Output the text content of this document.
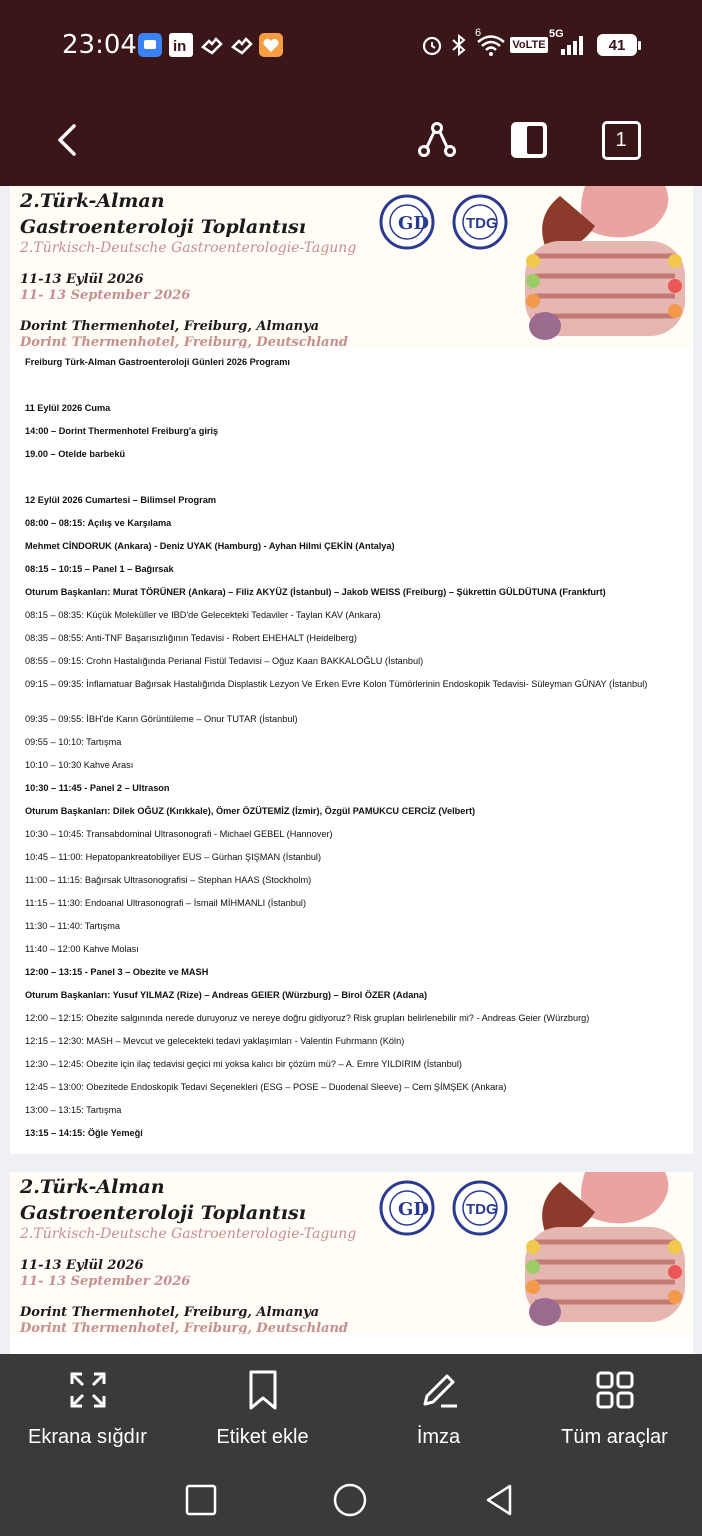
23:04 in
6
VoLTE
5G
41
1
2.Türk-Alman
Gastroenteroloji Toplantısı
2.Türkisch-Deutsche Gastroenterologie-Tagung
11-13 Eylül 2026
11- 13 September 2026
Dorint Thermenhotel, Freiburg, Almanya
Dorint Thermenhotel, Freiburg, Deutschland
GD TDG
Freiburg Türk-Alman Gastroenteroloji Günleri 2026 Programı
11 Eylül 2026 Cuma
14:00 – Dorint Thermenhotel Freiburg'a giriş
19.00 – Otelde barbekü
12 Eylül 2026 Cumartesi – Bilimsel Program
08:00 – 08:15: Açılış ve Karşılama
Mehmet CİNDORUK (Ankara) - Deniz UYAK (Hamburg) - Ayhan Hilmi ÇEKİN (Antalya)
08:15 – 10:15 – Panel 1 – Bağırsak
Oturum Başkanları: Murat TÖRÜNER (Ankara) – Filiz AKYÜZ (İstanbul) – Jakob WEISS (Freiburg) – Şükrettin GÜLDÜTUNA (Frankfurt)
08:15 – 08:35: Küçük Moleküller ve IBD'de Gelecekteki Tedaviler - Taylan KAV (Ankara)
08:35 – 08:55: Anti-TNF Başarısızlığının Tedavisi - Robert EHEHALT (Heidelberg)
08:55 – 09:15: Crohn Hastalığında Perianal Fistül Tedavisi – Oğuz Kaan BAKKALOĞLU (İstanbul)
09:15 – 09:35: İnflamatuar Bağırsak Hastalığında Displastik Lezyon Ve Erken Evre Kolon Tümörlerinin Endoskopik Tedavisi- Süleyman GÜNAY (İstanbul)
09:35 – 09:55: İBH'de Karın Görüntüleme – Onur TUTAR (İstanbul)
09:55 – 10:10: Tartışma
10:10 – 10:30 Kahve Arası
10:30 – 11:45 - Panel 2 – Ultrason
Oturum Başkanları: Dilek OĞUZ (Kırıkkale), Ömer ÖZÜTEMİZ (İzmir), Özgül PAMUKCU CERCİZ (Velbert)
10:30 – 10:45: Transabdominal Ultrasonografi - Michael GEBEL (Hannover)
10:45 – 11:00: Hepatopankreatobiliyer EUS – Gürhan ŞIŞMAN (İstanbul)
11:00 – 11:15: Bağırsak Ultrasonografisi – Stephan HAAS (Stockholm)
11:15 – 11:30: Endoanal Ultrasonografi – İsmail MİHMANLI (İstanbul)
11:30 – 11:40: Tartışma
11:40 – 12:00 Kahve Molası
12:00 – 13:15 - Panel 3 – Obezite ve MASH
Oturum Başkanları: Yusuf YILMAZ (Rize) – Andreas GEIER (Würzburg) – Birol ÖZER (Adana)
12:00 – 12:15: Obezite salgınında nerede duruyoruz ve nereye doğru gidiyoruz? Risk grupları belirlenebilir mi? - Andreas Geier (Würzburg)
12:15 – 12:30: MASH – Mevcut ve gelecekteki tedavi yaklaşımları - Valentin Fuhrmann (Köln)
12:30 – 12:45: Obezite için ilaç tedavisi geçici mi yoksa kalıcı bir çözüm mü? – A. Emre YILDIRIM (İstanbul)
12:45 – 13:00: Obezitede Endoskopik Tedavi Seçenekleri (ESG – POSE – Duodenal Sleeve) – Cem ŞİMŞEK (Ankara)
13:00 – 13:15: Tartışma
13:15 – 14:15: Öğle Yemeği
2.Türk-Alman
Gastroenteroloji Toplantısı
2.Türkisch-Deutsche Gastroenterologie-Tagung
11-13 Eylül 2026
11- 13 September 2026
Dorint Thermenhotel, Freiburg, Almanya
Dorint Thermenhotel, Freiburg, Deutschland
GD TDG
Ekrana sığdır	Etiket ekle	İmza	Tüm araçlar
